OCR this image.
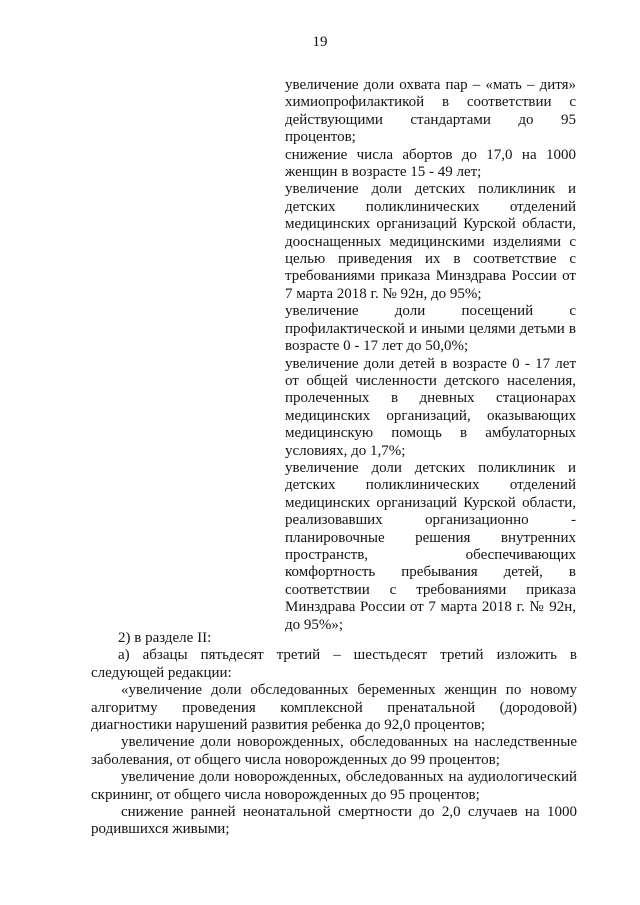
19

увеличение доли охвата пар – «мать – дитя» химиопрофилактикой в соответствии с действующими стандартами до 95 процентов;

снижение числа абортов до 17,0 на 1000 женщин в возрасте 15 - 49 лет;

увеличение доли детских поликлиник и детских поликлинических отделений медицинских организаций Курской области, дооснащенных медицинскими изделиями с целью приведения их в соответствие с требованиями приказа Минздрава России от 7 марта 2018 г. № 92н, до 95%;

увеличение доли посещений с профилактической и иными целями детьми в возрасте 0 - 17 лет до 50,0%;

увеличение доли детей в возрасте 0 - 17 лет от общей численности детского населения, пролеченных в дневных стационарах медицинских организаций, оказывающих медицинскую помощь в амбулаторных условиях, до 1,7%;

увеличение доли детских поликлиник и детских поликлинических отделений медицинских организаций Курской области, реализовавших организационно - планировочные решения внутренних пространств, обеспечивающих комфортность пребывания детей, в соответствии с требованиями приказа Минздрава России от 7 марта 2018 г. № 92н, до 95%»;

2) в разделе II:

а) абзацы пятьдесят третий – шестьдесят третий изложить в следующей редакции:

«увеличение доли обследованных беременных женщин по новому алгоритму проведения комплексной пренатальной (дородовой) диагностики нарушений развития ребенка до 92,0 процентов;

увеличение доли новорожденных, обследованных на наследственные заболевания, от общего числа новорожденных до 99 процентов;

увеличение доли новорожденных, обследованных на аудиологический скрининг, от общего числа новорожденных до 95 процентов;

снижение ранней неонатальной смертности до 2,0 случаев на 1000 родившихся живыми;
